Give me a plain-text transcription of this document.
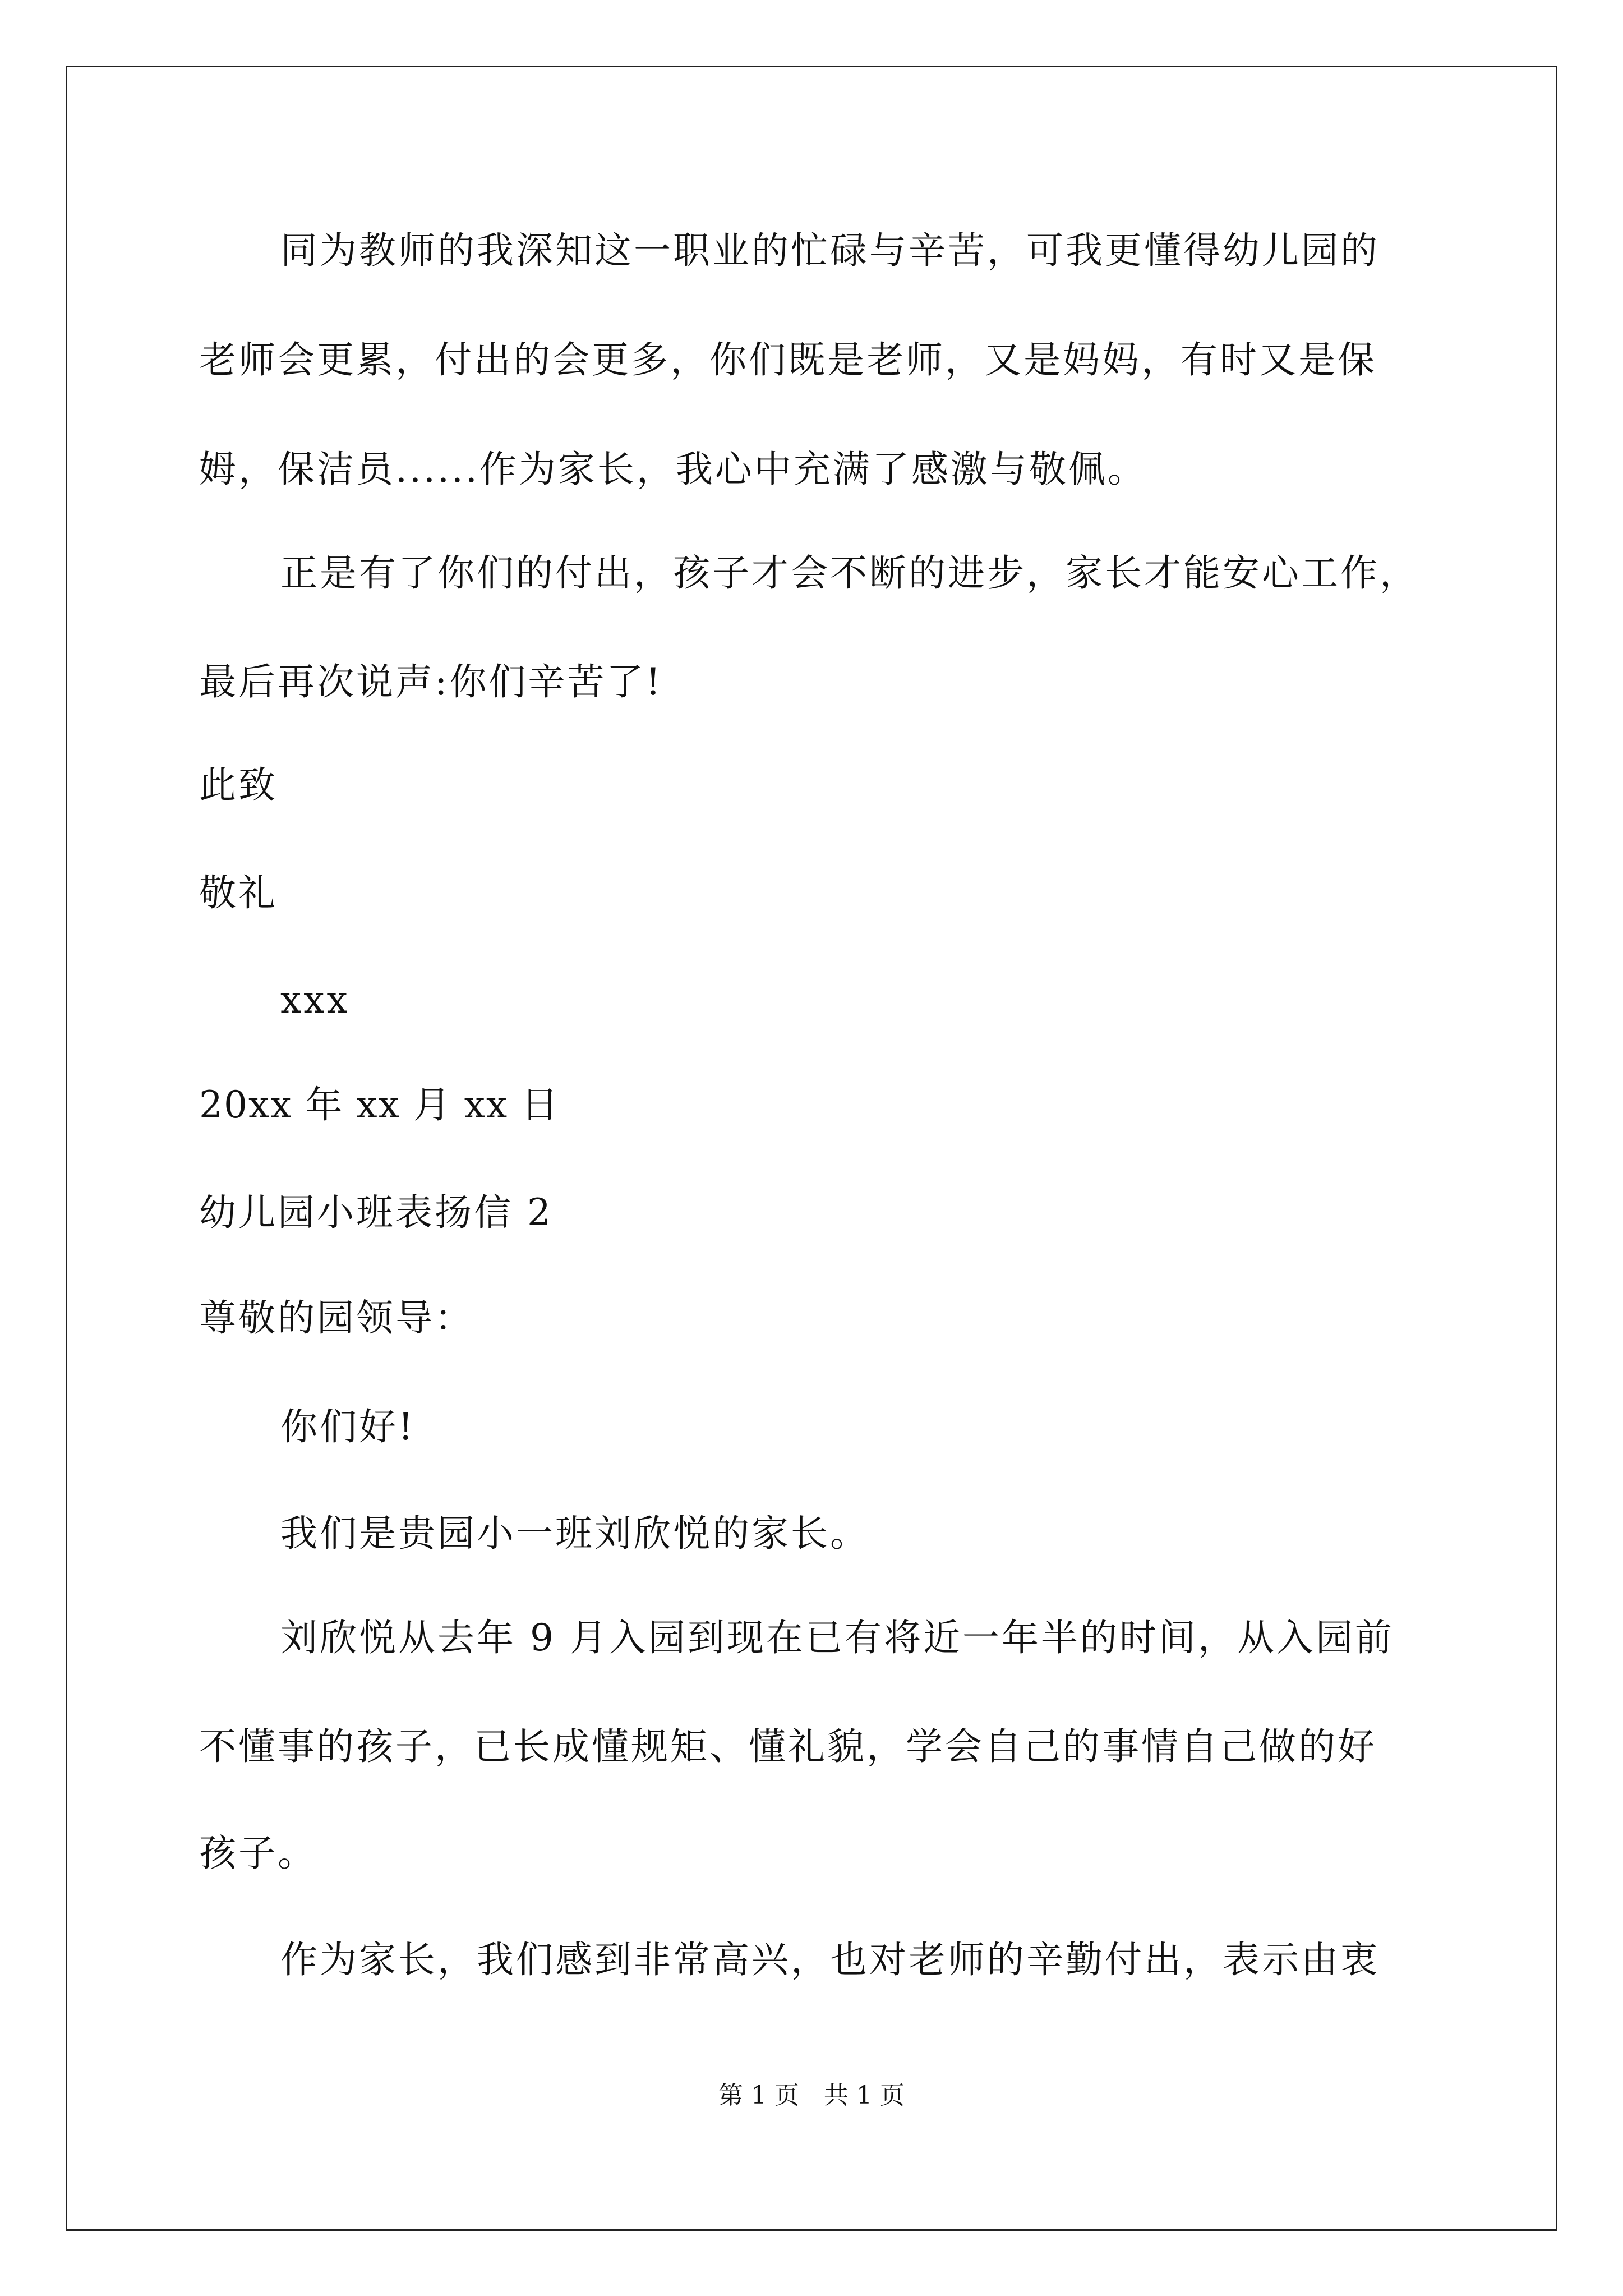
同为教师的我深知这一职业的忙碌与辛苦，可我更懂得幼儿园的
老师会更累，付出的会更多，你们既是老师，又是妈妈，有时又是保
姆，保洁员......作为家长，我心中充满了感激与敬佩。
正是有了你们的付出，孩子才会不断的进步，家长才能安心工作，
最后再次说声:你们辛苦了!
此致
敬礼
xxx
20xx 年 xx 月 xx 日
幼儿园小班表扬信 2
尊敬的园领导：
你们好!
我们是贵园小一班刘欣悦的家长。
刘欣悦从去年 9 月入园到现在已有将近一年半的时间，从入园前
不懂事的孩子，已长成懂规矩、懂礼貌，学会自己的事情自己做的好
孩子。
作为家长，我们感到非常高兴，也对老师的辛勤付出，表示由衷
第 1 页　共 1 页
